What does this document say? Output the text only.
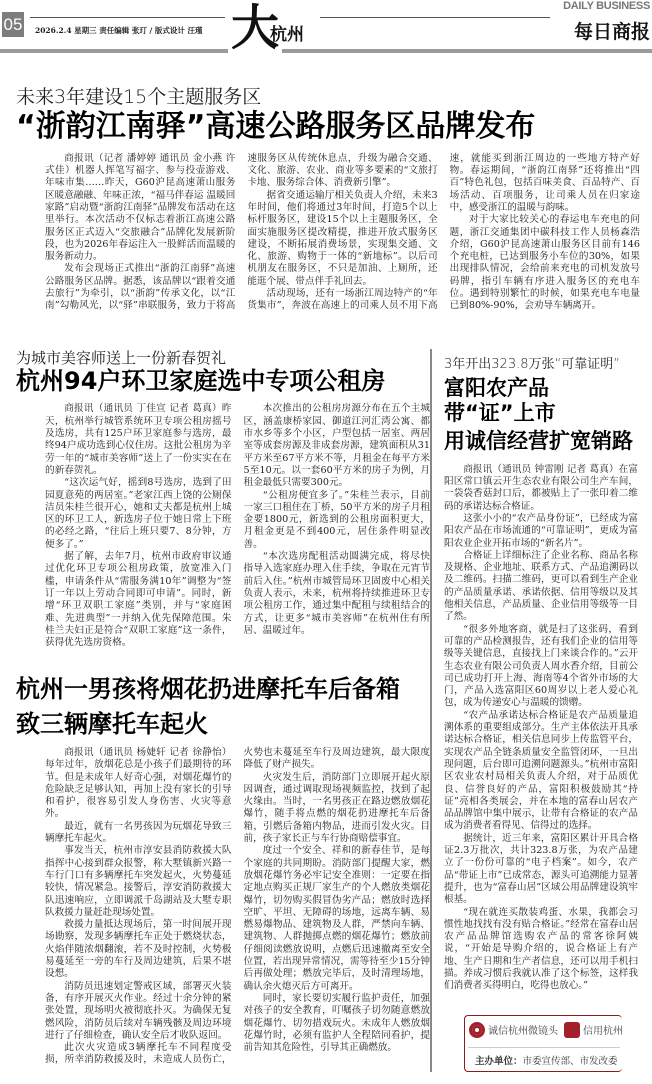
05 2026.2.4 星期三 责任编辑 张玎 / 版式设计 汪瑾 大
杭州
DAILY BUSINESS
每日商报
未来3年建设15个主题服务区
“浙韵江南驿”高速公路服务区品牌发布

商报讯（记者 潘婷婷 通讯员 金小燕 许式佳）机器人挥笔写福字、参与投壶游戏、年味市集……昨天，G60沪昆高速萧山服务区暖意融融、年味正浓，“福马伴春运 温暖回家路”启动暨“浙韵江南驿”品牌发布活动在这里举行。本次活动不仅标志着浙江高速公路服务区正式迈入“交旅融合”品牌化发展新阶段，也为2026年春运注入一股鲜活而温暖的服务新动力。

发布会现场正式推出“浙韵江南驿”高速公路服务区品牌。据悉，该品牌以“跟着交通去旅行”为牵引，以“浙韵”传承文化，以“江南”勾勒风光，以“驿”串联服务，致力于将高速服务区从传统休息点，升级为融合交通、文化、旅游、农业、商业等多要素的“文旅打卡地、服务综合体、消费新引擎”。

据省交通运输厅相关负责人介绍，未来3年时间，他们将通过3年时间，打造5个以上标杆服务区，建设15个以上主题服务区，全面实施服务区提改精提，推进开放式服务区建设，不断拓展消费场景，实现集交通、文化、旅游、购物于一体的“新地标”。以后司机朋友在服务区，不只是加油、上厕所，还能逛个展、带点伴手礼回去。

活动现场，还有一场浙江周边特产的“年货集市”，奔波在高速上的司乘人员不用下高速，就能买到浙江周边的一些地方特产好物。春运期间，“浙韵江南驿”还将推出“四百”特色礼包，包括百味美食、百品特产、百场活动、百项服务，让司乘人员在归家途中，感受浙江的温暖与韵味。

对于大家比较关心的春运电车充电的问题，浙江交通集团中碳科技工作人员杨森浩介绍，G60沪昆高速萧山服务区目前有146个充电桩，已达到服务小车位的30%，如果出现排队情况，会给前来充电的司机发放号码牌，指引车辆有序进入服务区的充电车位。遇到特别繁忙的时候，如果充电车电量已到80%-90%，会劝导车辆离开。

为城市美容师送上一份新春贺礼
杭州94户环卫家庭选中专项公租房

商报讯（通讯员 丁佳宣 记者 葛真）昨天，杭州举行城管系统环卫专项公租房摇号及选房，共有125户环卫家庭参与选房，最终94户成功选到心仪住房。这批公租房为辛劳一年的“城市美容师”送上了一份实实在在的新春贺礼。

“这次运气好，摇到8号选房，选到了田园夏意苑的两居室。”老家江西上饶的公厕保洁员朱桂兰很开心，她和丈夫都是杭州上城区的环卫工人，新选房子位于她日常上下班的必经之路，“往后上班只要7、8分钟，方便多了。”

据了解，去年7月，杭州市政府审议通过优化环卫专项公租房政策，放宽准入门槛，申请条件从“需服务满10年”调整为“签订一年以上劳动合同即可申请”。同时，新增“环卫双职工家庭”类别，并与“家庭困难、先进典型”一并纳入优先保障范围。朱桂兰夫妇正是符合“双职工家庭”这一条件，获得优先选房资格。

本次推出的公租房房源分布在五个主城区，涵盖康桥家园、御道江河汇湾公寓、都市水乡等多个小区，户型包括一居室、两居室等成套房源及非成套房源，建筑面积从31平方米至67平方米不等，月租金在每平方米5至10元。以一套60平方米的房子为例，月租金最低只需要300元。

“公租房便宜多了。”朱桂兰表示，目前一家三口租住在丁桥，50平方米的房子月租金要1800元，新选到的公租房面积更大，月租金更是不到400元，居住条件明显改善。

“本次选房配租活动圆满完成，将尽快指导入选家庭办理入住手续，争取在元宵节前后入住。”杭州市城管局环卫固废中心相关负责人表示，未来，杭州将持续推进环卫专项公租房工作，通过集中配租与续租结合的方式，让更多“城市美容师”在杭州住有所居、温暖过年。

杭州一男孩将烟花扔进摩托车后备箱
致三辆摩托车起火

商报讯（通讯员 杨婕轩 记者 徐静怡）每年过年，放烟花总是小孩子们最期待的环节。但是未成年人好奇心强，对烟花爆竹的危险缺乏足够认知，再加上没有家长的引导和看护，很容易引发人身伤害、火灾等意外。

最近，就有一名男孩因为玩烟花导致三辆摩托车起火。

事发当天，杭州市淳安县消防救援大队指挥中心接到群众报警，称大墅镇新兴路一车行门口有多辆摩托车突发起火，火势蔓延较快，情况紧急。接警后，淳安消防救援大队迅速响应，立即调派千岛湖站及大墅专职队救援力量赶赴现场处置。

救援力量抵达现场后，第一时间展开现场勘察，发现多辆摩托车正处于燃烧状态，火焰伴随浓烟翻滚，若不及时控制，火势极易蔓延至一旁的车行及周边建筑，后果不堪设想。

消防员迅速划定警戒区域，部署灭火装备，有序开展灭火作业。经过十余分钟的紧张处置，现场明火被彻底扑灭。为确保无复燃风险，消防员后续对车辆残骸及周边环境进行了仔细检查，确认安全后才收队返回。

此次火灾造成3辆摩托车不同程度受损，所幸消防救援及时，未造成人员伤亡，火势也未蔓延至车行及周边建筑，最大限度降低了财产损失。

火灾发生后，消防部门立即展开起火原因调查，通过调取现场视频监控，找到了起火缘由。当时，一名男孩正在路边燃放烟花爆竹，随手将点燃的烟花扔进摩托车后备箱，引燃后备箱内物品，进而引发火灾。目前，孩子家长正与车行协商赔偿事宜。

度过一个安全、祥和的新春佳节，是每个家庭的共同期盼。消防部门提醒大家，燃放烟花爆竹务必牢记安全准则：一定要在指定地点购买正规厂家生产的个人燃放类烟花爆竹，切勿购买假冒伪劣产品；燃放时选择空旷、平坦、无障碍的场地，远离车辆、易燃易爆物品、建筑物及人群，严禁向车辆、建筑物、人群抛掷点燃的烟花爆竹；燃放前仔细阅读燃放说明，点燃后迅速撤离至安全位置，若出现异常情况，需等待至少15分钟后再做处理；燃放完毕后，及时清理场地，确认余火熄灭后方可离开。

同时，家长要切实履行监护责任，加强对孩子的安全教育，叮嘱孩子切勿随意燃放烟花爆竹、切勿措戏玩火。未成年人燃放烟花爆竹时，必须有监护人全程陪同看护，提前告知其危险性，引导其正确燃放。

3年开出323.8万张“可靠证明”
富阳农产品带“证”上市
用诚信经营扩宽销路

商报讯（通讯员 钟雷刚 记者 葛真）在富阳区常口镇云开生态农业有限公司生产车间，一袋袋香菇封口后，都被贴上了一张印着二维码的承诺达标合格证。

这张小小的“农产品身份证”，已经成为富阳农产品在市场流通的“可靠证明”，更成为富阳农业企业开拓市场的“新名片”。

合格证上详细标注了企业名称、商品名称及规格、企业地址、联系方式、产品追溯码以及二维码。扫描二维码，更可以看到生产企业的产品质量承诺、承诺依据、信用等级以及其他相关信息，产品质量、企业信用等级等一目了然。

“很多外地客商，就是扫了这张码，看到可靠的产品检测报告，还有我们企业的信用等级等关键信息，直接找上门来谈合作的。”云开生态农业有限公司负责人周水香介绍，目前公司已成功打开上海、海南等4个省外市场的大门，产品入选富阳区60周岁以上老人爱心礼包，成为传递安心与温暖的馈赠。

“农产品承诺达标合格证是农产品质量追溯体系的重要组成部分。生产主体依法开具承诺达标合格证，相关信息同步上传监管平台，实现农产品全链条质量安全监管闭环，一旦出现问题，后台即可追溯问题源头。”杭州市富阳区农业农村局相关负责人介绍，对于品质优良、信誉良好的产品，富阳积极鼓励其“持证”亮相各类展会，并在本地的富春山居农产品品牌馆中集中展示，让带有合格证的农产品成为消费者看得见、信得过的选择。

据统计，近三年来，富阳区累计开具合格证2.3万批次，共计323.8万张，为农产品建立了一份份可靠的“电子档案”。如今，农产品“带证上市”已成常态，源头可追溯能力显著提升，也为“富春山居”区域公用品牌建设筑牢根基。

“现在就连买散装鸡蛋、水果，我都会习惯性地找找有没有贴合格证。”经常在富春山居农产品品牌馆选购农产品的常客徐阿姨说，“开始是导购介绍的，说合格证上有产地、生产日期和生产者信息，还可以用手机扫描。养成习惯后我就认准了这个标签，这样我们消费者买得明白，吃得也放心。”

诚信杭州微镜头	信用杭州
主办单位：市委宣传部、市发改委
